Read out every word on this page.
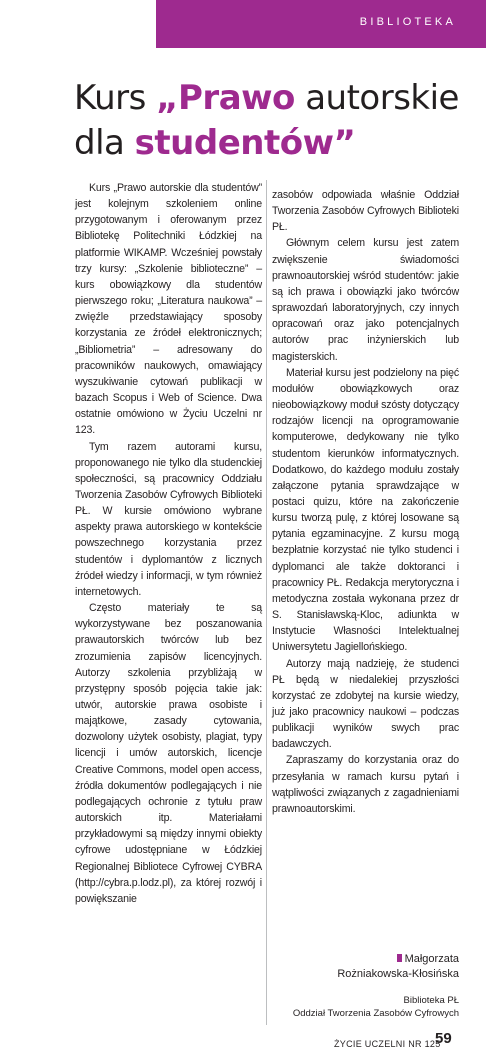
BIBLIOTEKA
Kurs „Prawo autorskie
dla studentów”

Kurs „Prawo autorskie dla studentów” jest kolejnym szkoleniem online przygotowanym i oferowanym przez Bibliotekę Politechniki Łódzkiej na platformie WIKAMP. Wcześniej powstały trzy kursy: „Szkolenie biblioteczne” – kurs obowiązkowy dla studentów pierwszego roku; „Literatura naukowa” – zwięźle przedstawiający sposoby korzystania ze źródeł elektronicznych; „Bibliometria” – adresowany do pracowników naukowych, omawiający wyszukiwanie cytowań publikacji w bazach Scopus i Web of Science. Dwa ostatnie omówiono w Życiu Uczelni nr 123.

Tym razem autorami kursu, proponowanego nie tylko dla studenckiej społeczności, są pracownicy Oddziału Tworzenia Zasobów Cyfrowych Biblioteki PŁ. W kursie omówiono wybrane aspekty prawa autorskiego w kontekście powszechnego korzystania przez studentów i dyplomantów z licznych źródeł wiedzy i informacji, w tym również internetowych.

Często materiały te są wykorzystywane bez poszanowania prawautorskich twórców lub bez zrozumienia zapisów licencyjnych. Autorzy szkolenia przybliżają w przystępny sposób pojęcia takie jak: utwór, autorskie prawa osobiste i majątkowe, zasady cytowania, dozwolony użytek osobisty, plagiat, typy licencji i umów autorskich, licencje Creative Commons, model open access, źródła dokumentów podlegających i nie podlegających ochronie z tytułu praw autorskich itp. Materiałami przykładowymi są między innymi obiekty cyfrowe udostępniane w Łódzkiej Regionalnej Bibliotece Cyfrowej CYBRA (http://cybra.p.lodz.pl), za której rozwój i powiększanie

zasobów odpowiada właśnie Oddział Tworzenia Zasobów Cyfrowych Biblioteki PŁ.

Głównym celem kursu jest zatem zwiększenie świadomości prawnoautorskiej wśród studentów: jakie są ich prawa i obowiązki jako twórców sprawozdań laboratoryjnych, czy innych opracowań oraz jako potencjalnych autorów prac inżynierskich lub magisterskich.

Materiał kursu jest podzielony na pięć modułów obowiązkowych oraz nieobowiązkowy moduł szósty dotyczący rodzajów licencji na oprogramowanie komputerowe, dedykowany nie tylko studentom kierunków informatycznych. Dodatkowo, do każdego modułu zostały załączone pytania sprawdzające w postaci quizu, które na zakończenie kursu tworzą pulę, z której losowane są pytania egzaminacyjne. Z kursu mogą bezpłatnie korzystać nie tylko studenci i dyplomanci ale także doktoranci i pracownicy PŁ. Redakcja merytoryczna i metodyczna została wykonana przez dr S. Stanisławską-Kloc, adiunkta w Instytucie Własności Intelektualnej Uniwersytetu Jagiellońskiego.

Autorzy mają nadzieję, że studenci PŁ będą w niedalekiej przyszłości korzystać ze zdobytej na kursie wiedzy, już jako pracownicy naukowi – podczas publikacji wyników swych prac badawczych.

Zapraszamy do korzystania oraz do przesyłania w ramach kursu pytań i wątpliwości związanych z zagadnieniami prawnoautorskimi.

Małgorzata
Rożniakowska-Kłosińska
Biblioteka PŁ
Oddział Tworzenia Zasobów Cyfrowych
ŻYCIE UCZELNI NR 125
59
